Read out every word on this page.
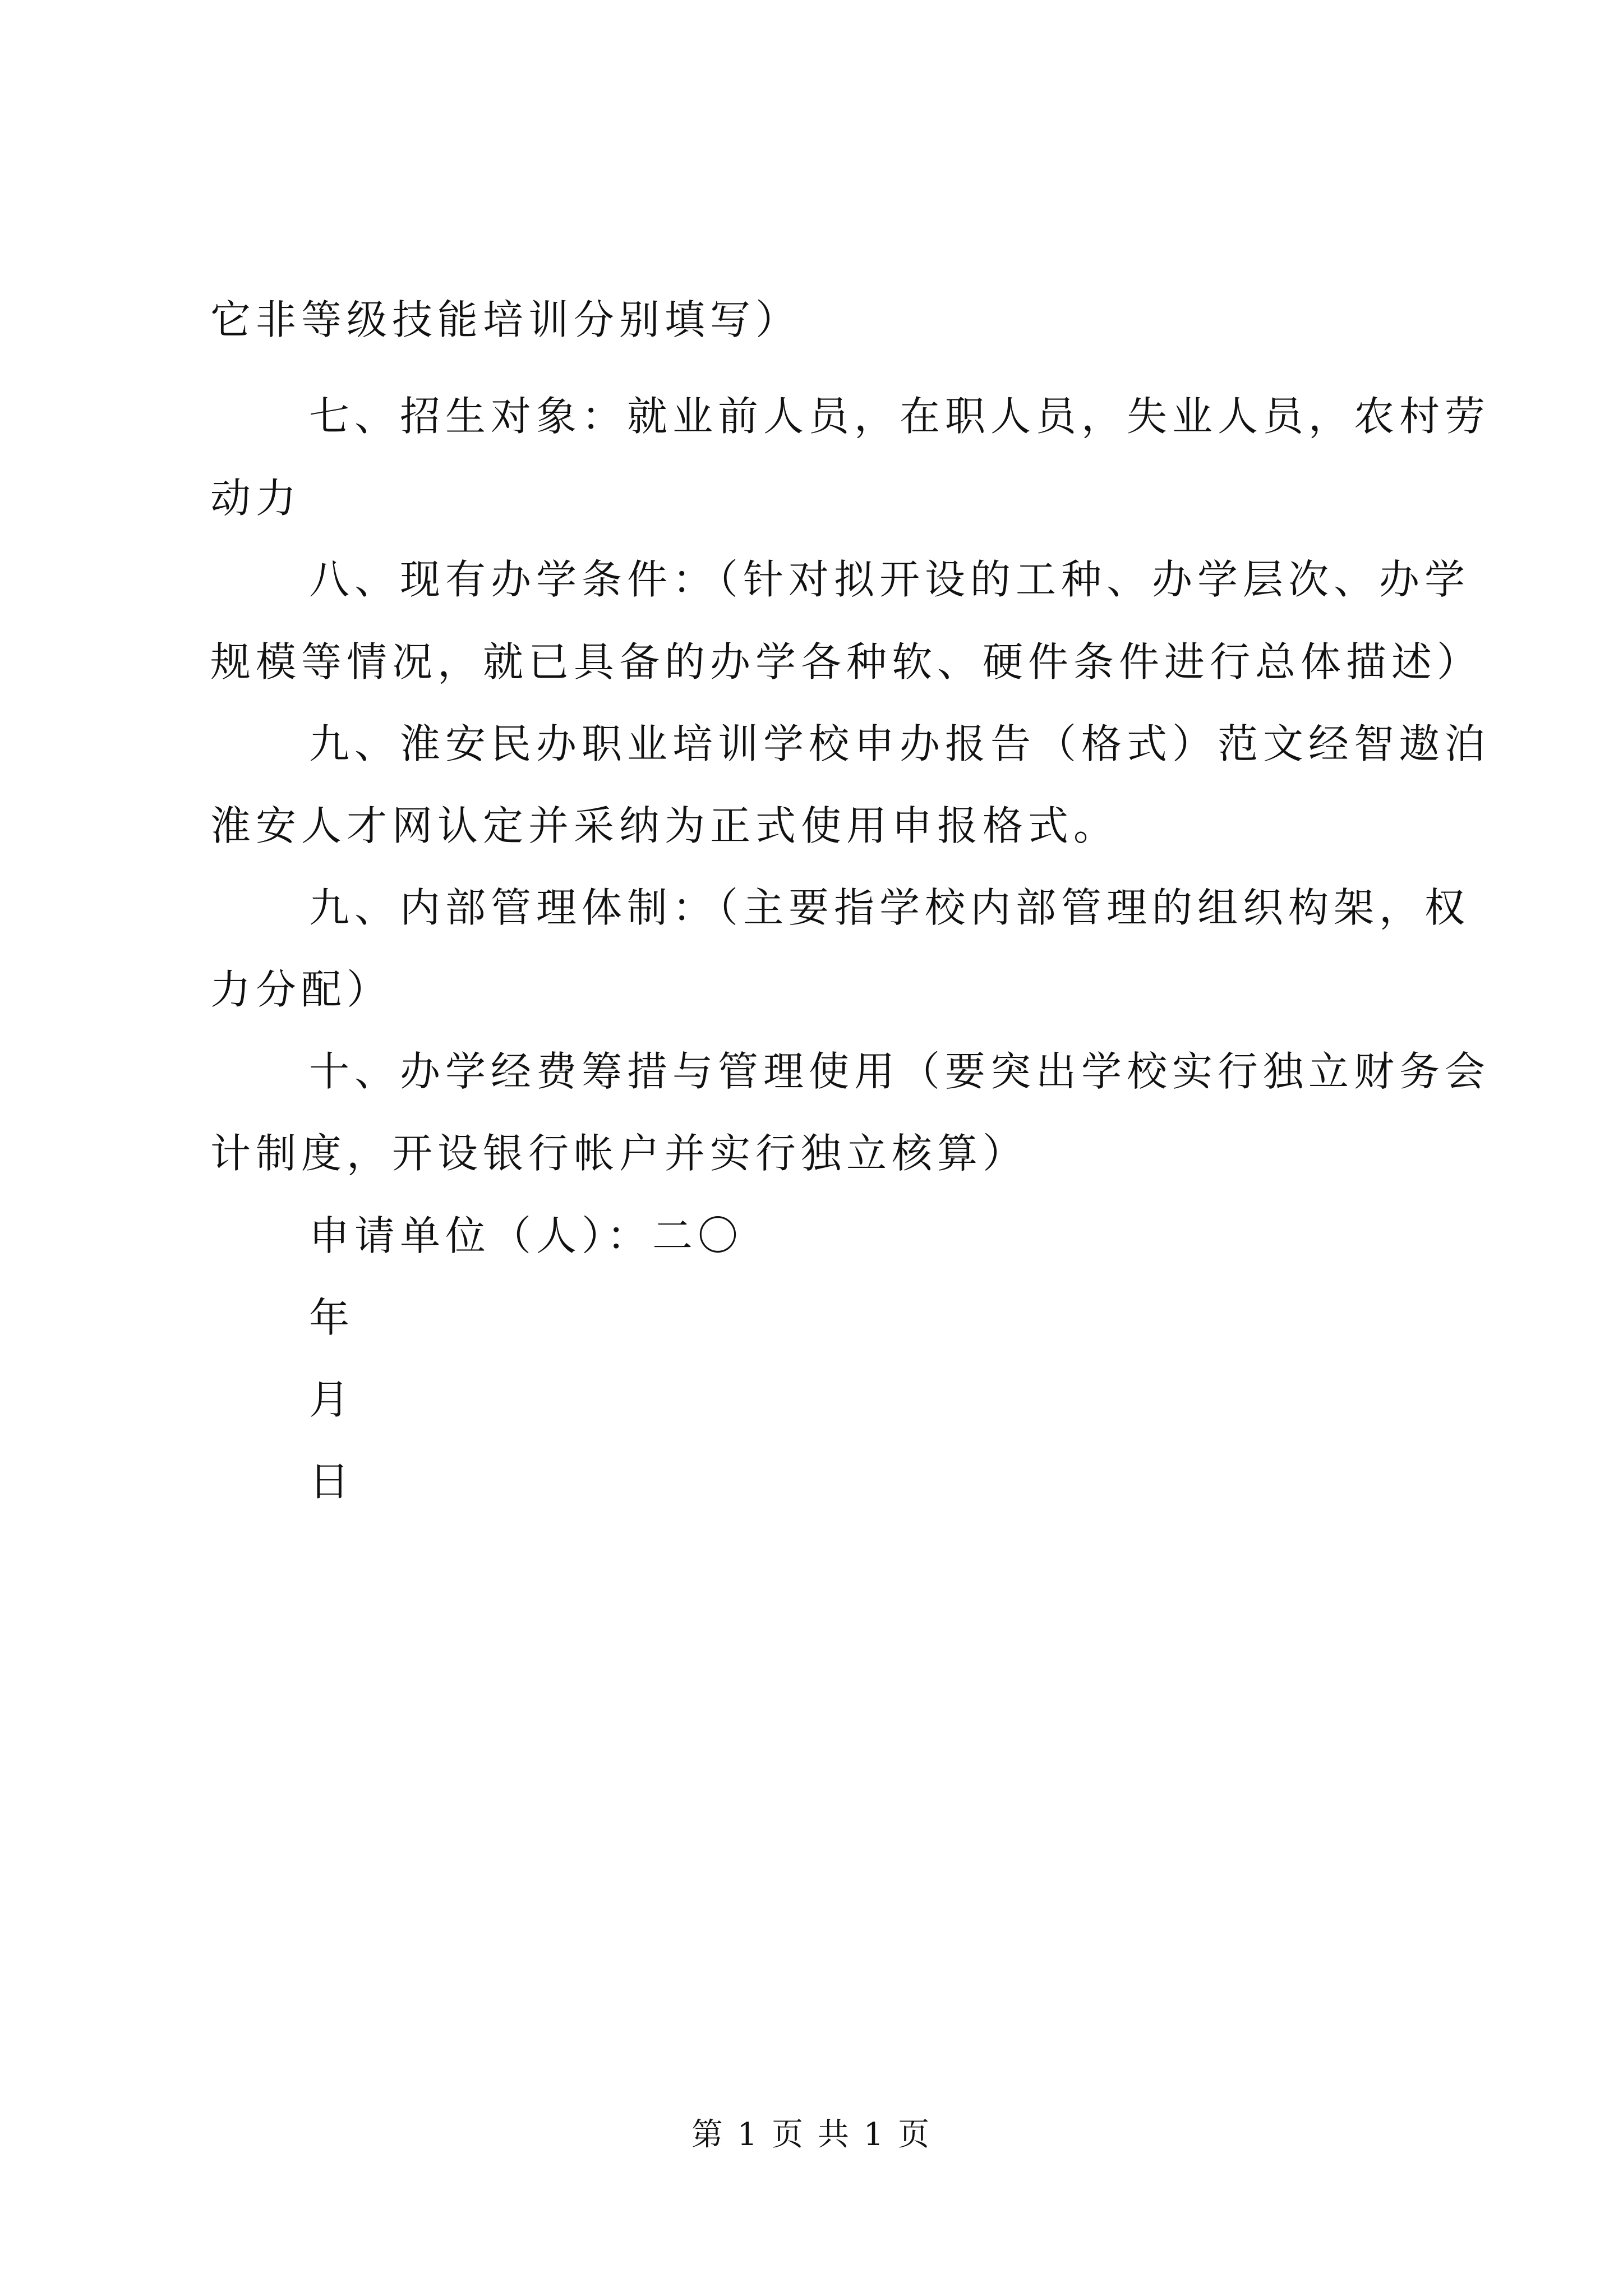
它非等级技能培训分别填写）
七、招生对象：就业前人员，在职人员，失业人员，农村劳
动力
八、现有办学条件：（针对拟开设的工种、办学层次、办学
规模等情况，就已具备的办学各种软、硬件条件进行总体描述）
九、淮安民办职业培训学校申办报告（格式）范文经智遨泊
淮安人才网认定并采纳为正式使用申报格式。
九、内部管理体制：（主要指学校内部管理的组织构架，权
力分配）
十、办学经费筹措与管理使用（要突出学校实行独立财务会
计制度，开设银行帐户并实行独立核算）
申请单位（人）：二〇
年
月
日
第 1 页 共 1 页
